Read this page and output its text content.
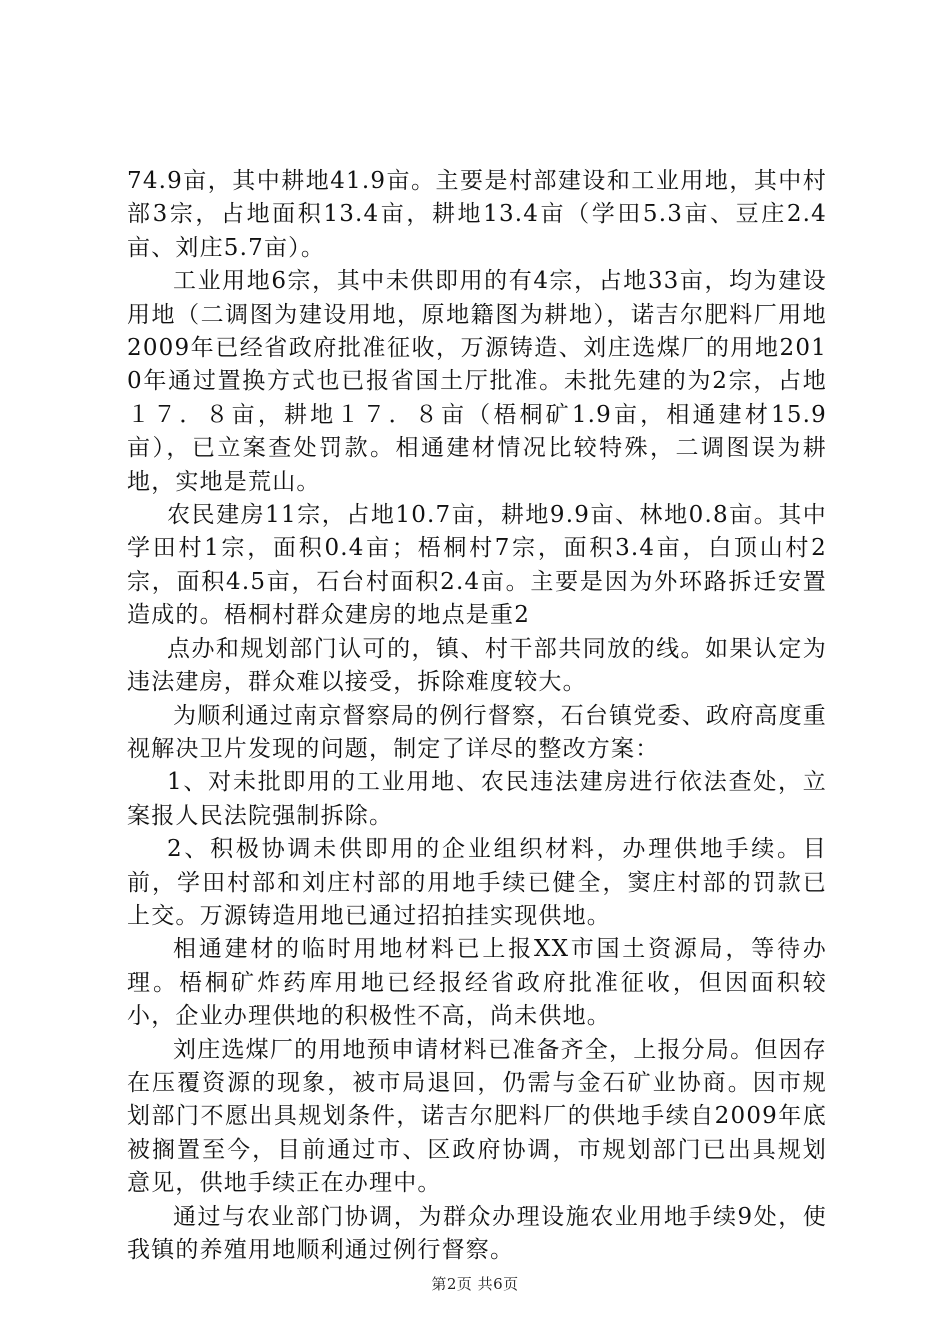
74.9亩，其中耕地41.9亩。主要是村部建设和工业用地，其中村部3宗，占地面积13.4亩，耕地13.4亩（学田5.3亩、豆庄2.4亩、刘庄5.7亩）。

工业用地6宗，其中未供即用的有4宗，占地33亩，均为建设用地（二调图为建设用地，原地籍图为耕地），诺吉尔肥料厂用地2009年已经省政府批准征收，万源铸造、刘庄选煤厂的用地2010年通过置换方式也已报省国土厅批准。未批先建的为2宗，占地１７．８亩，耕地１７．８亩（梧桐矿1.9亩，相通建材15.9亩），已立案查处罚款。相通建材情况比较特殊，二调图误为耕地，实地是荒山。

农民建房11宗，占地10.7亩，耕地9.9亩、林地0.8亩。其中学田村1宗，面积0.4亩；梧桐村7宗，面积3.4亩，白顶山村2宗，面积4.5亩，石台村面积2.4亩。主要是因为外环路拆迁安置造成的。梧桐村群众建房的地点是重2

点办和规划部门认可的，镇、村干部共同放的线。如果认定为违法建房，群众难以接受，拆除难度较大。

为顺利通过南京督察局的例行督察，石台镇党委、政府高度重视解决卫片发现的问题，制定了详尽的整改方案：

1、对未批即用的工业用地、农民违法建房进行依法查处，立案报人民法院强制拆除。

2、积极协调未供即用的企业组织材料，办理供地手续。目前，学田村部和刘庄村部的用地手续已健全，窦庄村部的罚款已上交。万源铸造用地已通过招拍挂实现供地。

相通建材的临时用地材料已上报XX市国土资源局，等待办理。梧桐矿炸药库用地已经报经省政府批准征收，但因面积较小，企业办理供地的积极性不高，尚未供地。

刘庄选煤厂的用地预申请材料已准备齐全，上报分局。但因存在压覆资源的现象，被市局退回，仍需与金石矿业协商。因市规划部门不愿出具规划条件，诺吉尔肥料厂的供地手续自2009年底被搁置至今，目前通过市、区政府协调，市规划部门已出具规划意见，供地手续正在办理中。

通过与农业部门协调，为群众办理设施农业用地手续9处，使我镇的养殖用地顺利通过例行督察。

第2页 共6页
